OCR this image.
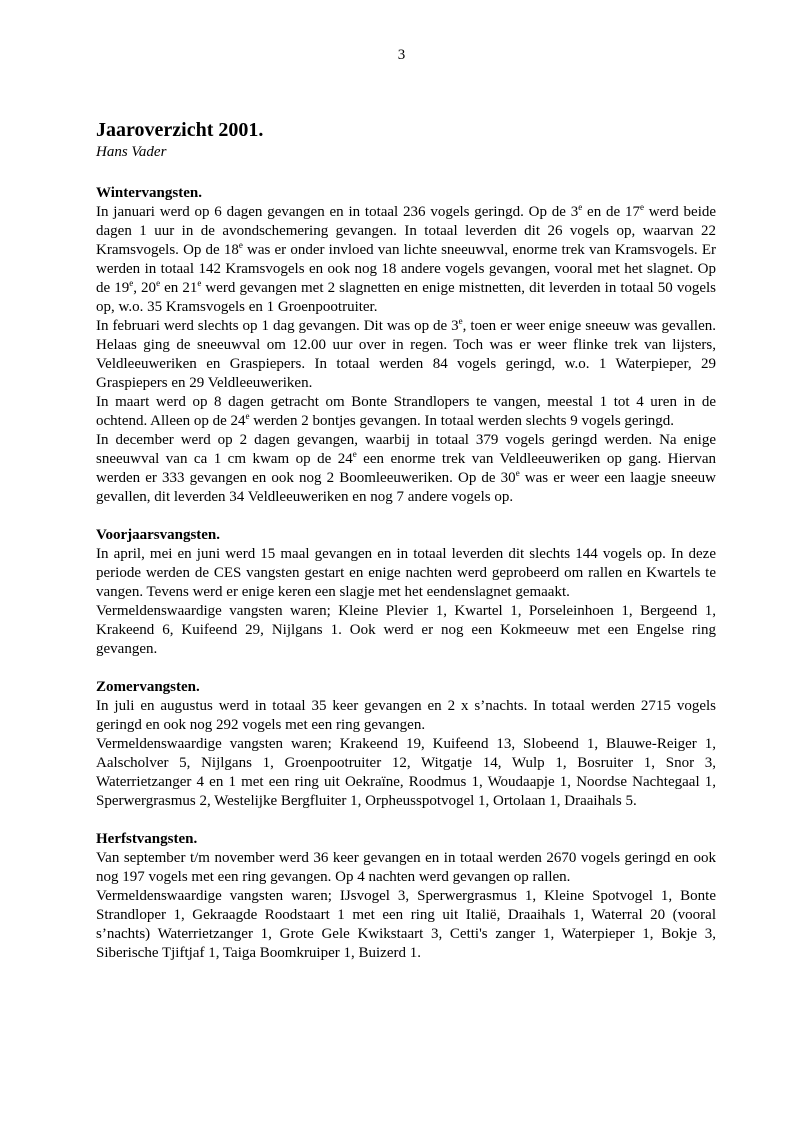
3
Jaaroverzicht 2001.
Hans Vader
Wintervangsten.

In januari werd op 6 dagen gevangen en in totaal 236 vogels geringd. Op de 3e en de 17e werd beide dagen 1 uur in de avondschemering gevangen. In totaal leverden dit 26 vogels op, waarvan 22 Kramsvogels. Op de 18e was er onder invloed van lichte sneeuwval, enorme trek van Kramsvogels. Er werden in totaal 142 Kramsvogels en ook nog 18 andere vogels gevangen, vooral met het slagnet. Op de 19e, 20e en 21e werd gevangen met 2 slagnetten en enige mistnetten, dit leverden in totaal 50 vogels op, w.o. 35 Kramsvogels en 1 Groenpootruiter.

In februari werd slechts op 1 dag gevangen. Dit was op de 3e, toen er weer enige sneeuw was gevallen. Helaas ging de sneeuwval om 12.00 uur over in regen. Toch was er weer flinke trek van lijsters, Veldleeuweriken en Graspiepers. In totaal werden 84 vogels geringd, w.o. 1 Waterpieper, 29 Graspiepers en 29 Veldleeuweriken.

In maart werd op 8 dagen getracht om Bonte Strandlopers te vangen, meestal 1 tot 4 uren in de ochtend. Alleen op de 24e werden 2 bontjes gevangen. In totaal werden slechts 9 vogels geringd.

In december werd op 2 dagen gevangen, waarbij in totaal 379 vogels geringd werden. Na enige sneeuwval van ca 1 cm kwam op de 24e een enorme trek van Veldleeuweriken op gang. Hiervan werden er 333 gevangen en ook nog 2 Boomleeuweriken. Op de 30e was er weer een laagje sneeuw gevallen, dit leverden 34 Veldleeuweriken en nog 7 andere vogels op.

Voorjaarsvangsten.

In april, mei en juni werd 15 maal gevangen en in totaal leverden dit slechts 144 vogels op. In deze periode werden de CES vangsten gestart en enige nachten werd geprobeerd om rallen en Kwartels te vangen. Tevens werd er enige keren een slagje met het eendenslagnet gemaakt.

Vermeldenswaardige vangsten waren; Kleine Plevier 1, Kwartel 1, Porseleinhoen 1, Bergeend 1, Krakeend 6, Kuifeend 29, Nijlgans 1. Ook werd er nog een Kokmeeuw met een Engelse ring gevangen.

Zomervangsten.

In juli en augustus werd in totaal 35 keer gevangen en 2 x s’nachts. In totaal werden 2715 vogels geringd en ook nog 292 vogels met een ring gevangen.

Vermeldenswaardige vangsten waren; Krakeend 19, Kuifeend 13, Slobeend 1, Blauwe-Reiger 1, Aalscholver 5, Nijlgans 1, Groenpootruiter 12, Witgatje 14, Wulp 1, Bosruiter 1, Snor 3, Waterrietzanger 4 en 1 met een ring uit Oekraïne, Roodmus 1, Woudaapje 1, Noordse Nachtegaal 1, Sperwergrasmus 2, Westelijke Bergfluiter 1, Orpheusspotvogel 1, Ortolaan 1, Draaihals 5.

Herfstvangsten.

Van september t/m november werd 36 keer gevangen en in totaal werden 2670 vogels geringd en ook nog 197 vogels met een ring gevangen. Op 4 nachten werd gevangen op rallen.

Vermeldenswaardige vangsten waren; IJsvogel 3, Sperwergrasmus 1, Kleine Spotvogel 1, Bonte Strandloper 1, Gekraagde Roodstaart 1 met een ring uit Italië, Draaihals 1, Waterral 20 (vooral s’nachts) Waterrietzanger 1, Grote Gele Kwikstaart 3, Cetti's zanger 1, Waterpieper 1, Bokje 3, Siberische Tjiftjaf 1, Taiga Boomkruiper 1, Buizerd 1.
